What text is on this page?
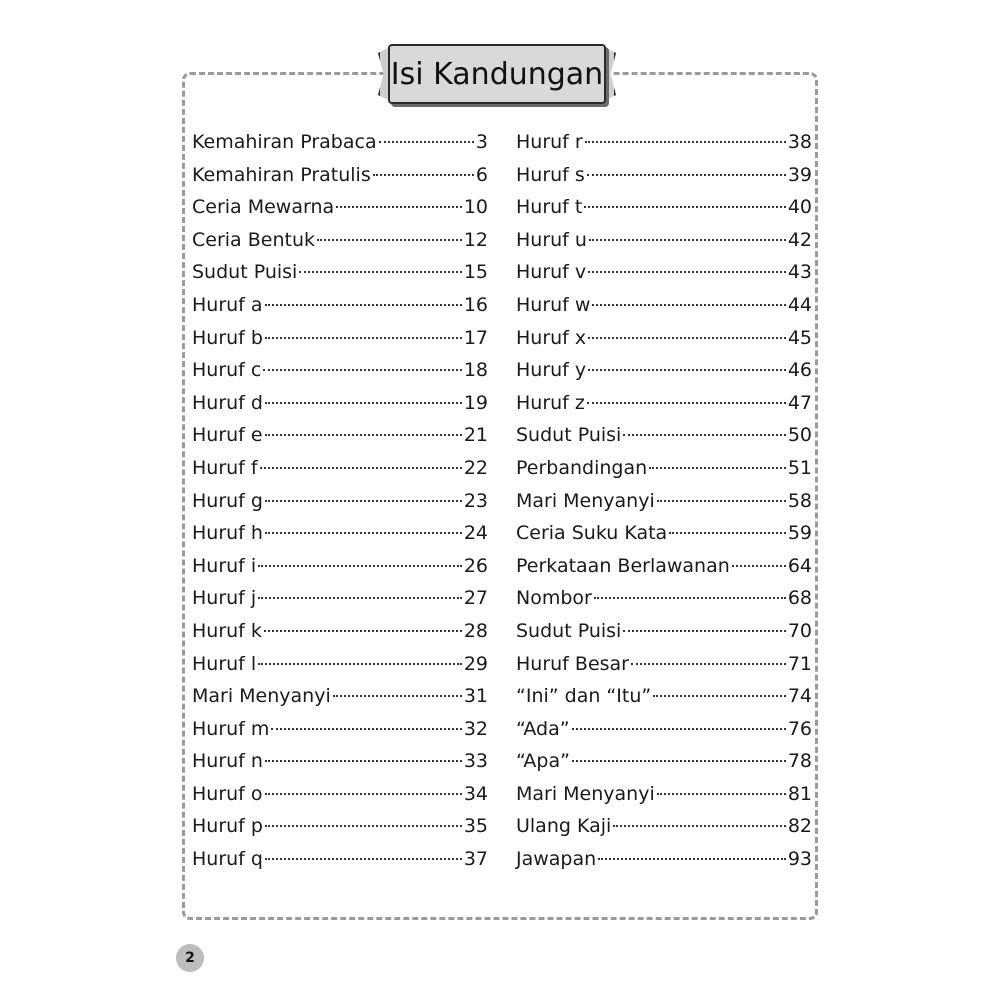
Isi Kandungan
Kemahiran Prabaca	3
Kemahiran Pratulis	6
Ceria Mewarna	10
Ceria Bentuk	12
Sudut Puisi	15
Huruf a	16
Huruf b	17
Huruf c	18
Huruf d	19
Huruf e	21
Huruf f	22
Huruf g	23
Huruf h	24
Huruf i	26
Huruf j	27
Huruf k	28
Huruf l	29
Mari Menyanyi	31
Huruf m	32
Huruf n	33
Huruf o	34
Huruf p	35
Huruf q	37
Huruf r	38
Huruf s	39
Huruf t	40
Huruf u	42
Huruf v	43
Huruf w	44
Huruf x	45
Huruf y	46
Huruf z	47
Sudut Puisi	50
Perbandingan	51
Mari Menyanyi	58
Ceria Suku Kata	59
Perkataan Berlawanan	64
Nombor	68
Sudut Puisi	70
Huruf Besar	71
“Ini” dan “Itu”	74
“Ada”	76
“Apa”	78
Mari Menyanyi	81
Ulang Kaji	82
Jawapan	93
2
